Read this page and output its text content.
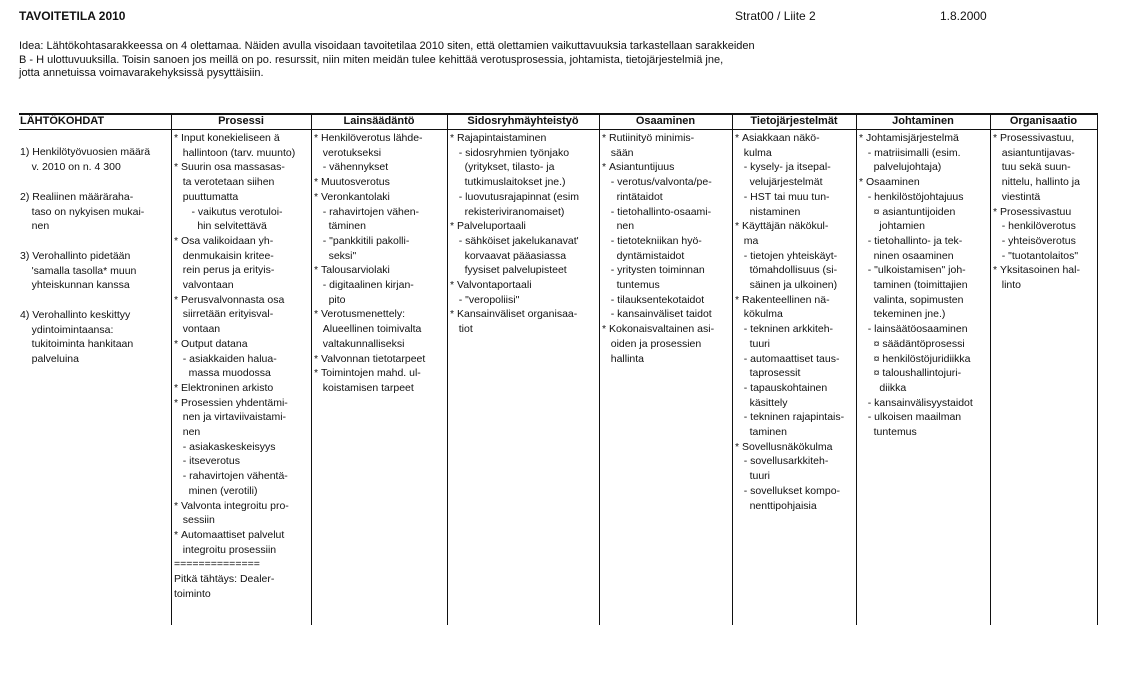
TAVOITETILA 2010	Strat00 / Liite 2	1.8.2000
Idea: Lähtökohtasarakkeessa on 4 olettamaa. Näiden avulla visoidaan tavoitetilaa 2010 siten, että olettamien vaikuttavuuksia tarkastellaan sarakkeiden
B - H ulottuvuuksilla. Toisin sanoen jos meillä on po. resurssit, niin miten meidän tulee kehittää verotusprosessia, johtamista, tietojärjestelmiä jne,
jotta annetuissa voimavarakehyksissä pysyttäisiin.
LÄHTÖKOHDAT
1) Henkilötyövuosien määrä
v. 2010 on n. 4 300
2) Realiinen määräraha-
taso on nykyisen mukai-
nen
3) Verohallinto pidetään
'samalla tasolla* muun
yhteiskunnan kanssa
4) Verohallinto keskittyy
ydintoimintaansa:
tukitoiminta hankitaan
palveluina
Prosessi
* Input konekieliseen ä
hallintoon (tarv. muunto)
* Suurin osa massasas-
ta verotetaan siihen
puuttumatta
- vaikutus verotuloi-
hin selvitettävä
* Osa valikoidaan yh-
denmukaisin kritee-
rein perus ja erityis-
valvontaan
* Perusvalvonnasta osa
siirretään erityisval-
vontaan
* Output datana
- asiakkaiden halua-
massa muodossa
* Elektroninen arkisto
* Prosessien yhdentämi-
nen ja virtaviivaistami-
nen
- asiakaskeskeisyys
- itseverotus
- rahavirtojen vähentä-
minen (verotili)
* Valvonta integroitu pro-
sessiin
* Automaattiset palvelut
integroitu prosessiin
==============
Pitkä tähtäys: Dealer-
toiminto
Lainsäädäntö
* Henkilöverotus lähde-
verotukseksi
- vähennykset
* Muutosverotus
* Veronkantolaki
- rahavirtojen vähen-
täminen
- "pankkitili pakolli-
seksi"
* Talousarviolaki
- digitaalinen kirjan-
pito
* Verotusmenettely:
Alueellinen toimivalta
valtakunnalliseksi
* Valvonnan tietotarpeet
* Toimintojen mahd. ul-
koistamisen tarpeet
Sidosryhmäyhteistyö
* Rajapintaistaminen
- sidosryhmien työnjako
(yritykset, tilasto- ja
tutkimuslaitokset jne.)
- luovutusrajapinnat (esim
rekisteriviranomaiset)
* Palveluportaali
- sähköiset jakelukanavat'
korvaavat pääasiassa
fyysiset palvelupisteet
* Valvontaportaali
- "veropoliisi"
* Kansainväliset organisaa-
tiot
Osaaminen
* Rutiinityö minimis-
sään
* Asiantuntijuus
- verotus/valvonta/pe-
rintätaidot
- tietohallinto-osaami-
nen
- tietotekniikan hyö-
dyntämistaidot
- yritysten toiminnan
tuntemus
- tilauksentekotaidot
- kansainväliset taidot
* Kokonaisvaltainen asi-
oiden ja prosessien
hallinta
Tietojärjestelmät
* Asiakkaan näkö-
kulma
- kysely- ja itsepal-
velujärjestelmät
- HST tai muu tun-
nistaminen
* Käyttäjän näkökul-
ma
- tietojen yhteiskäyt-
tömahdollisuus (si-
säinen ja ulkoinen)
* Rakenteellinen nä-
kökulma
- tekninen arkkiteh-
tuuri
- automaattiset taus-
taprosessit
- tapauskohtainen
käsittely
- tekninen rajapintais-
taminen
* Sovellusnäkökulma
- sovellusarkkiteh-
tuuri
- sovellukset kompo-
nenttipohjaisia
Johtaminen
* Johtamisjärjestelmä
- matriisimalli (esim.
palvelujohtaja)
* Osaaminen
- henkilöstöjohtajuus
¤ asiantuntijoiden
johtamien
- tietohallinto- ja tek-
ninen osaaminen
- "ulkoistamisen" joh-
taminen (toimittajien
valinta, sopimusten
tekeminen jne.)
- lainsäätöosaaminen
¤ säädäntöprosessi
¤ henkilöstöjuridiikka
¤ taloushallintojuri-
diikka
- kansainvälisyystaidot
- ulkoisen maailman
tuntemus
Organisaatio
* Prosessivastuu,
asiantuntijavas-
tuu sekä suun-
nittelu, hallinto ja
viestintä
* Prosessivastuu
- henkilöverotus
- yhteisöverotus
- "tuotantolaitos"
* Yksitasoinen hal-
linto
